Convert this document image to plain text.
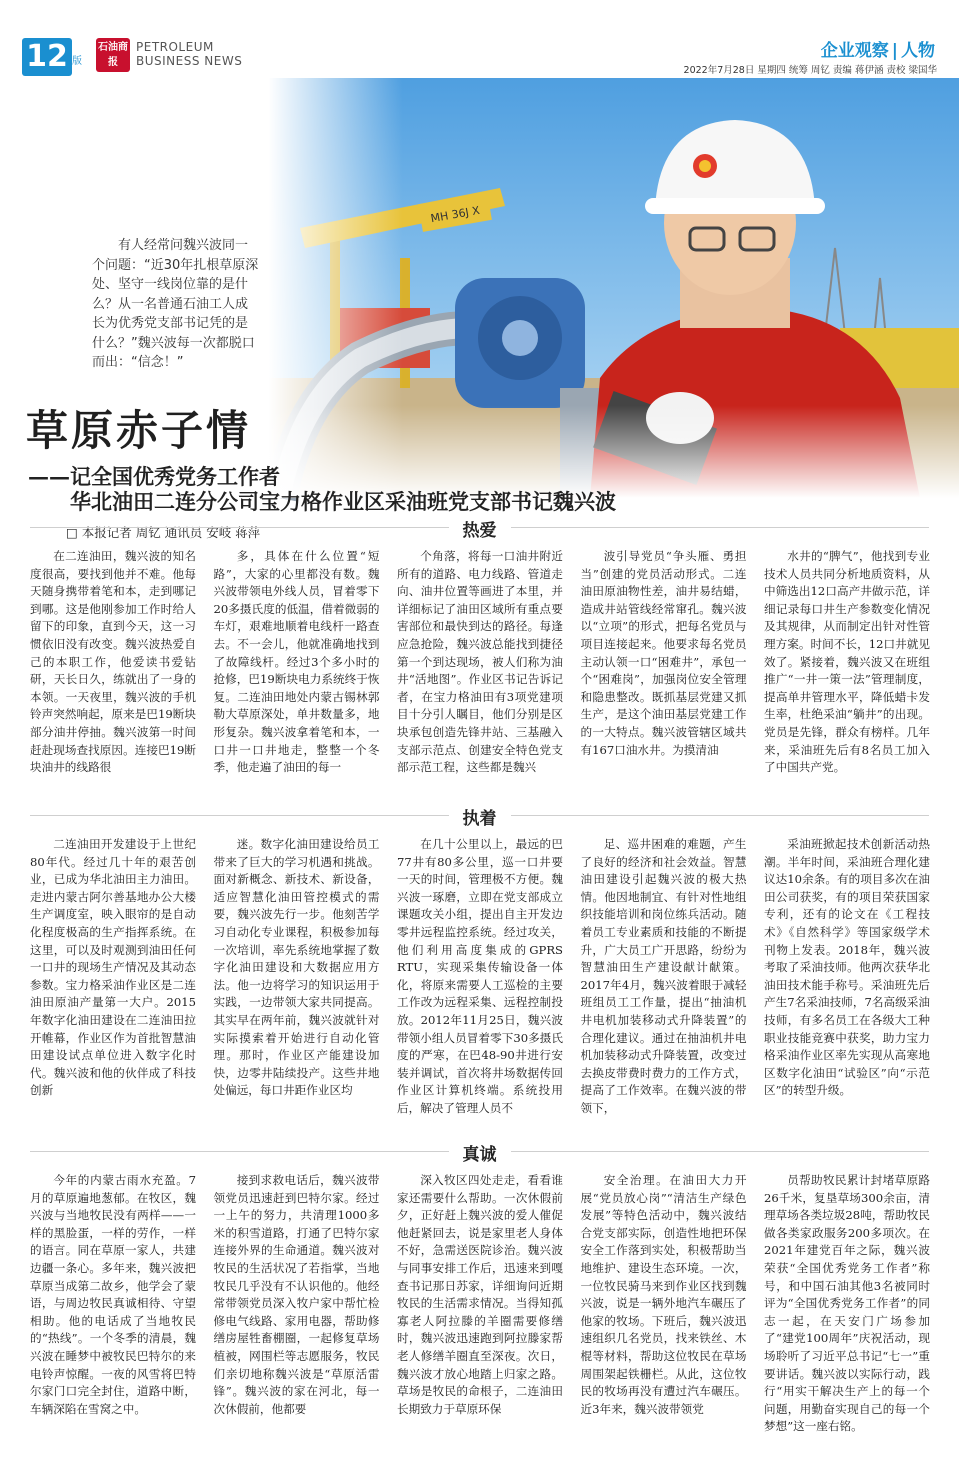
12 版
石油商报
PETROLEUM
BUSINESS NEWS	企业观察 | 人物
2022年7月28日 星期四 统筹 周钇 责编 蒋伊涵 责校 梁国华
有人经常问魏兴波同一个问题：“近30年扎根草原深处、坚守一线岗位靠的是什么？从一名普通石油工人成长为优秀党支部书记凭的是什么？”魏兴波每一次都脱口而出：“信念！”
草原赤子情
——记全国优秀党务工作者
华北油田二连分公司宝力格作业区采油班党支部书记魏兴波
□ 本报记者 周钇 通讯员 安岐 蒋萍	热爱

在二连油田，魏兴波的知名度很高，要找到他并不难。他每天随身携带着笔和本，走到哪记到哪。这是他刚参加工作时给人留下的印象，直到今天，这一习惯依旧没有改变。魏兴波热爱自己的本职工作，他爱读书爱钻研，天长日久，练就出了一身的本领。一天夜里，魏兴波的手机铃声突然响起，原来是巴19断块部分油井停抽。魏兴波第一时间赶赴现场查找原因。连接巴19断块油井的线路很

多，具体在什么位置“短路”，大家的心里都没有数。魏兴波带领电外线人员，冒着零下20多摄氏度的低温，借着微弱的车灯，艰难地顺着电线杆一路查去。不一会儿，他就准确地找到了故障线杆。经过3个多小时的抢修，巴19断块电力系统终于恢复。二连油田地处内蒙古锡林郭勒大草原深处，单井数量多，地形复杂。魏兴波拿着笔和本，一口井一口井地走，整整一个冬季，他走遍了油田的每一

个角落，将每一口油井附近所有的道路、电力线路、管道走向、油井位置等画进了本里，并详细标记了油田区域所有重点要害部位和最快到达的路径。每逢应急抢险，魏兴波总能找到捷径第一个到达现场，被人们称为油井“活地图”。作业区书记告诉记者，在宝力格油田有3项党建项目十分引人瞩目，他们分别是区块承包创造先锋井站、三基融入支部示范点、创建安全特色党支部示范工程，这些都是魏兴

波引导党员“争头雁、勇担当”创建的党员活动形式。二连油田原油物性差，油井易结蜡，造成井站管线经常窜孔。魏兴波以“立项”的形式，把每名党员与项目连接起来。他要求每名党员主动认领一口“困难井”，承包一个“困难岗”，加强岗位安全管理和隐患整改。既抓基层党建又抓生产，是这个油田基层党建工作的一大特点。魏兴波管辖区域共有167口油水井。为摸清油

水井的“脾气”，他找到专业技术人员共同分析地质资料，从中筛选出12口高产井做示范，详细记录每口井生产参数变化情况及其规律，从而制定出针对性管理方案。时间不长，12口井就见效了。紧接着，魏兴波又在班组推广“一井一策一法”管理制度，提高单井管理水平，降低蜡卡发生率，杜绝采油“躺井”的出现。党员是先锋，群众有榜样。几年来，采油班先后有8名员工加入了中国共产党。

执着

二连油田开发建设于上世纪80年代。经过几十年的艰苦创业，已成为华北油田主力油田。走进内蒙古阿尔善基地办公大楼生产调度室，映入眼帘的是自动化程度极高的生产指挥系统。在这里，可以及时观测到油田任何一口井的现场生产情况及其动态参数。宝力格采油作业区是二连油田原油产量第一大户。2015年数字化油田建设在二连油田拉开帷幕，作业区作为首批智慧油田建设试点单位进入数字化时代。魏兴波和他的伙伴成了科技创新

迷。数字化油田建设给员工带来了巨大的学习机遇和挑战。面对新概念、新技术、新设备，适应智慧化油田管控模式的需要，魏兴波先行一步。他刻苦学习自动化专业课程，积极参加每一次培训，率先系统地掌握了数字化油田建设和大数据应用方法。他一边将学习的知识运用于实践，一边带领大家共同提高。其实早在两年前，魏兴波就针对实际摸索着开始进行自动化管理。那时，作业区产能建设加快，边零井陆续投产。这些井地处偏远，每口井距作业区均

在几十公里以上，最远的巴77井有80多公里，巡一口井要一天的时间，管理极不方便。魏兴波一琢磨，立即在党支部成立课题攻关小组，提出自主开发边零井远程监控系统。经过攻关，他们利用高度集成的GPRS RTU，实现采集传输设备一体化，将原来需要人工巡检的主要工作改为远程采集、远程控制投放。2012年11月25日，魏兴波带领小组人员冒着零下30多摄氏度的严寒，在巴48-90井进行安装并调试，首次将井场数据传回作业区计算机终端。系统投用后，解决了管理人员不

足、巡井困难的难题，产生了良好的经济和社会效益。智慧油田建设引起魏兴波的极大热情。他因地制宜、有针对性地组织技能培训和岗位练兵活动。随着员工专业素质和技能的不断提升，广大员工广开思路，纷纷为智慧油田生产建设献计献策。2017年4月，魏兴波着眼于减轻班组员工工作量，提出“抽油机井电机加装移动式升降装置”的合理化建议。通过在抽油机井电机加装移动式升降装置，改变过去换皮带费时费力的工作方式，提高了工作效率。在魏兴波的带领下，

采油班掀起技术创新活动热潮。半年时间，采油班合理化建议达10余条。有的项目多次在油田公司获奖，有的项目荣获国家专利，还有的论文在《工程技术》《自然科学》等国家级学术刊物上发表。2018年，魏兴波考取了采油技师。他两次获华北油田技术能手称号。采油班先后产生7名采油技师，7名高级采油技师，有多名员工在各级大工种职业技能竞赛中获奖，助力宝力格采油作业区率先实现从高寒地区数字化油田“试验区”向“示范区”的转型升级。

真诚

今年的内蒙古雨水充盈。7月的草原遍地葱郁。在牧区，魏兴波与当地牧民没有两样——一样的黑脸蛋，一样的劳作，一样的语言。同在草原一家人，共建边疆一条心。多年来，魏兴波把草原当成第二故乡，他学会了蒙语，与周边牧民真诚相待、守望相助。他的电话成了当地牧民的“热线”。一个冬季的清晨，魏兴波在睡梦中被牧民巴特尔的来电铃声惊醒。一夜的风雪将巴特尔家门口完全封住，道路中断，车辆深陷在雪窝之中。

接到求救电话后，魏兴波带领党员迅速赶到巴特尔家。经过一上午的努力，共清理1000多米的积雪道路，打通了巴特尔家连接外界的生命通道。魏兴波对牧民的生活状况了若指掌，当地牧民几乎没有不认识他的。他经常带领党员深入牧户家中帮忙检修电气线路、家用电器，帮助修缮房屋牲畜棚圈，一起修复草场植被，网围栏等志愿服务，牧民们亲切地称魏兴波是“草原活雷锋”。魏兴波的家在河北，每一次休假前，他都要

深入牧区四处走走，看看谁家还需要什么帮助。一次休假前夕，正好赶上魏兴波的爱人催促他赶紧回去，说是家里老人身体不好，急需送医院诊治。魏兴波与同事安排工作后，迅速来到嘎查书记那日苏家，详细询问近期牧民的生活需求情况。当得知孤寡老人阿拉滕的羊圈需要修缮时，魏兴波迅速跑到阿拉滕家帮老人修缮羊圈直至深夜。次日，魏兴波才放心地踏上归家之路。草场是牧民的命根子，二连油田长期致力于草原环保

安全治理。在油田大力开展“党员放心岗”“清洁生产绿色发展”等特色活动中，魏兴波结合党支部实际，创造性地把环保安全工作落到实处，积极帮助当地维护、建设生态环境。一次，一位牧民骑马来到作业区找到魏兴波，说是一辆外地汽车碾压了他家的牧场。下班后，魏兴波迅速组织几名党员，找来铁丝、木棍等材料，帮助这位牧民在草场周围架起铁栅栏。从此，这位牧民的牧场再没有遭过汽车碾压。近3年来，魏兴波带领党

员帮助牧民累计封堵草原路26千米，复垦草场300余亩，清理草场各类垃圾28吨，帮助牧民做各类家政服务200多项次。在2021年建党百年之际，魏兴波荣获“全国优秀党务工作者”称号，和中国石油其他3名被同时评为“全国优秀党务工作者”的同志一起，在天安门广场参加了“建党100周年”庆祝活动，现场聆听了习近平总书记“七一”重要讲话。魏兴波以实际行动，践行“用实干解决生产上的每一个问题，用勤奋实现自己的每一个梦想”这一座右铭。
